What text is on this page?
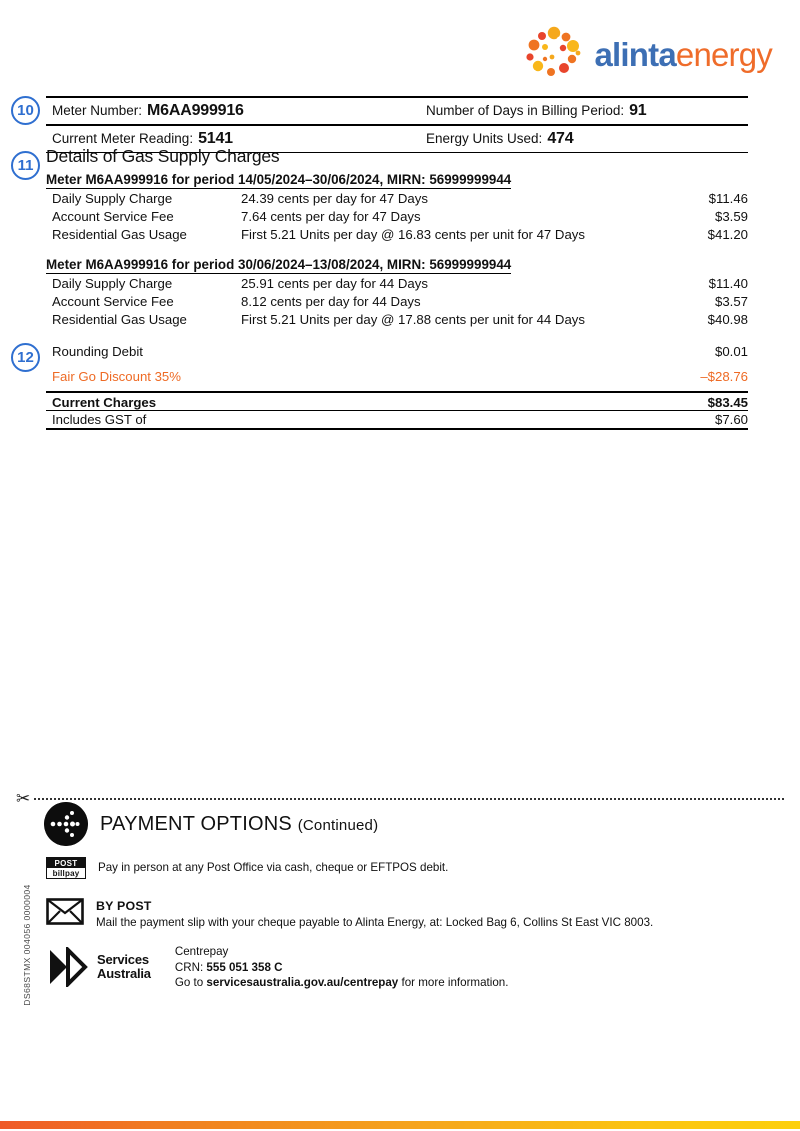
alintaenergy
10	Meter Number: M6AA999916	Number of Days in Billing Period: 91
Current Meter Reading: 5141	Energy Units Used: 474
11 Details of Gas Supply Charges
Meter M6AA999916 for period 14/05/2024–30/06/2024, MIRN: 56999999944
Daily Supply Charge	24.39 cents per day for 47 Days	$11.46
Account Service Fee	7.64 cents per day for 47 Days	$3.59
Residential Gas Usage	First 5.21 Units per day @ 16.83 cents per unit for 47 Days	$41.20
Meter M6AA999916 for period 30/06/2024–13/08/2024, MIRN: 56999999944
Daily Supply Charge	25.91 cents per day for 44 Days	$11.40
Account Service Fee	8.12 cents per day for 44 Days	$3.57
Residential Gas Usage	First 5.21 Units per day @ 17.88 cents per unit for 44 Days	$40.98
Rounding Debit	$0.01
Fair Go Discount 35%	–$28.76
Current Charges	$83.45
Includes GST of	$7.60
12
✂
PAYMENT OPTIONS (Continued)
POST
billpay	Pay in person at any Post Office via cash, cheque or EFTPOS debit.
BY POST
Mail the payment slip with your cheque payable to Alinta Energy, at: Locked Bag 6, Collins St East VIC 8003.
Services
Australia
Centrepay
CRN: 555 051 358 C
Go to servicesaustralia.gov.au/centrepay for more information.
DS68STMX 004056 0000004
